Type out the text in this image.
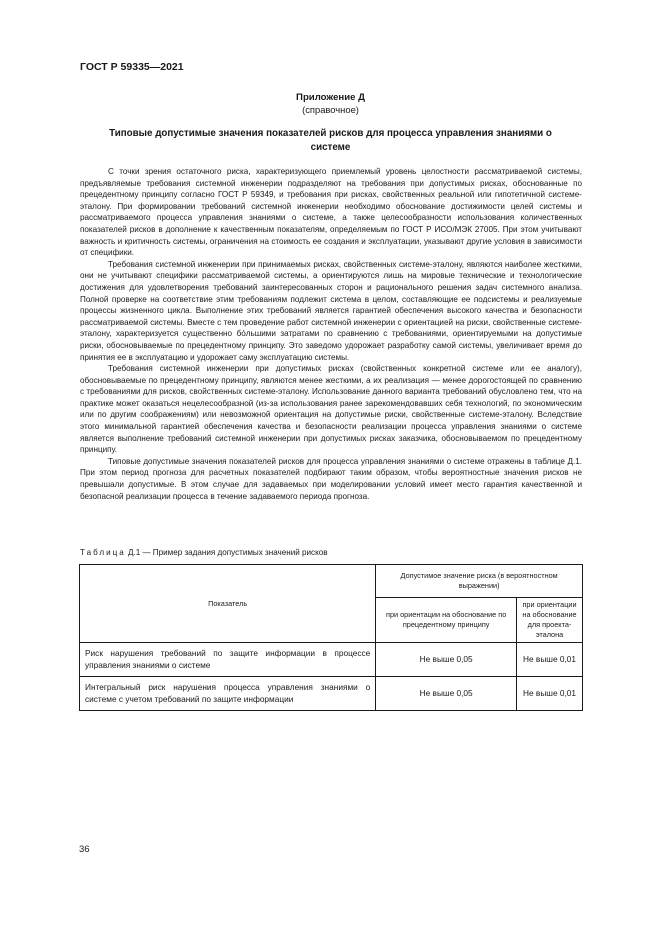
ГОСТ Р 59335—2021
Приложение Д
(справочное)
Типовые допустимые значения показателей рисков для процесса управления знаниями о системе

С точки зрения остаточного риска, характеризующего приемлемый уровень целостности рассматриваемой системы, предъявляемые требования системной инженерии подразделяют на требования при допустимых рисках, обоснованные по прецедентному принципу согласно ГОСТ Р 59349, и требования при рисках, свойственных реальной или гипотетичной системе-эталону. При формировании требований системной инженерии необходимо обоснование достижимости целей системы и рассматриваемого процесса управления знаниями о системе, а также целесообразности использования количественных показателей рисков в дополнение к качественным показателям, определяемым по ГОСТ Р ИСО/МЭК 27005. При этом учитывают важность и критичность системы, ограничения на стоимость ее создания и эксплуатации, указывают другие условия в зависимости от специфики.

Требования системной инженерии при принимаемых рисках, свойственных системе-эталону, являются наиболее жесткими, они не учитывают специфики рассматриваемой системы, а ориентируются лишь на мировые технические и технологические достижения для удовлетворения требований заинтересованных сторон и рационального решения задач системного анализа. Полной проверке на соответствие этим требованиям подлежит система в целом, составляющие ее подсистемы и реализуемые процессы жизненного цикла. Выполнение этих требований является гарантией обеспечения высокого качества и безопасности рассматриваемой системы. Вместе с тем проведение работ системной инженерии с ориентацией на риски, свойственные системе-эталону, характеризуется существенно бо́льшими затратами по сравнению с требованиями, ориентируемыми на допустимые риски, обосновываемые по прецедентному принципу. Это заведомо удорожает разработку самой системы, увеличивает время до принятия ее в эксплуатацию и удорожает саму эксплуатацию системы.

Требования системной инженерии при допустимых рисках (свойственных конкретной системе или ее аналогу), обосновываемые по прецедентному принципу, являются менее жесткими, а их реализация — менее дорогостоящей по сравнению с требованиями для рисков, свойственных системе-эталону. Использование данного варианта требований обусловлено тем, что на практике может оказаться нецелесообразной (из-за использования ранее зарекомендовавших себя технологий, по экономическим или по другим соображениям) или невозможной ориентация на допустимые риски, свойственные системе-эталону. Вследствие этого минимальной гарантией обеспечения качества и безопасности реализации процесса управления знаниями о системе является выполнение требований системной инженерии при допустимых рисках заказчика, обосновываемом по прецедентному принципу.

Типовые допустимые значения показателей рисков для процесса управления знаниями о системе отражены в таблице Д.1. При этом период прогноза для расчетных показателей подбирают таким образом, чтобы вероятностные значения рисков не превышали допустимые. В этом случае для задаваемых при моделировании условий имеет место гарантия качественной и безопасной реализации процесса в течение задаваемого периода прогноза.

Таблица Д.1 — Пример задания допустимых значений рисков
Показатель	Допустимое значение риска (в вероятностном выражении)	
	при ориентации на обоснование по прецедентному принципу	при ориентации на обоснование для проекта-эталона
Риск нарушения требований по защите информации в процессе управления знаниями о системе	Не выше 0,05	Не выше 0,01
Интегральный риск нарушения процесса управления знаниями о системе с учетом требований по защите информации	Не выше 0,05	Не выше 0,01
36
